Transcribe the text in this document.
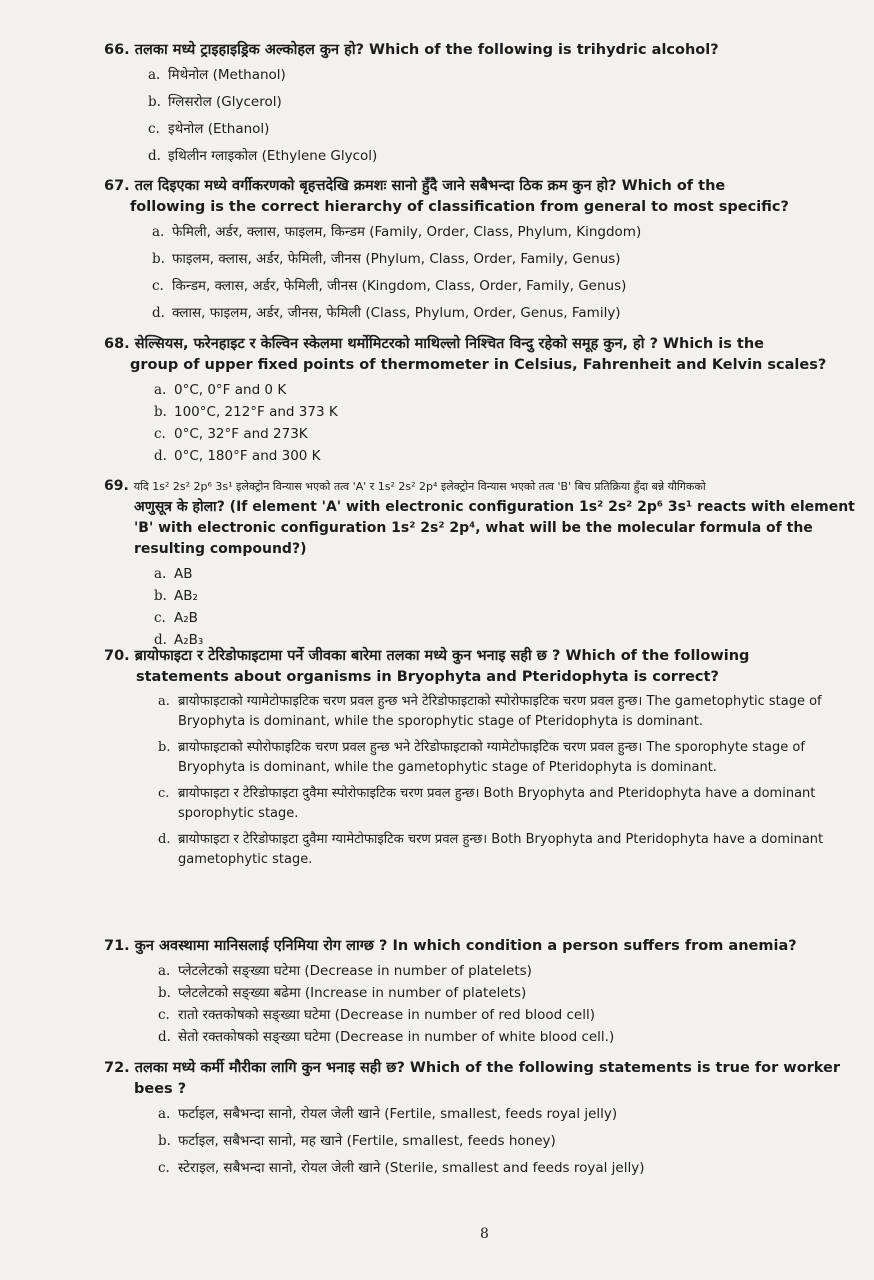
66. तलका मध्ये ट्राइहाइड्रिक अल्कोहल कुन हो? Which of the following is trihydric alcohol?

a. मिथेनोल (Methanol)
b. ग्लिसरोल (Glycerol)
c. इथेनोल (Ethanol)
d. इथिलीन ग्लाइकोल (Ethylene Glycol)

67. तल दिइएका मध्ये वर्गीकरणको बृहत्तदेखि क्रमशः सानो हुँदै जाने सबैभन्दा ठिक क्रम कुन हो? Which of the
following is the correct hierarchy of classification from general to most specific?

a. फेमिली, अर्डर, क्लास, फाइलम, किन्डम (Family, Order, Class, Phylum, Kingdom)
b. फाइलम, क्लास, अर्डर, फेमिली, जीनस (Phylum, Class, Order, Family, Genus)
c. किन्डम, क्लास, अर्डर, फेमिली, जीनस (Kingdom, Class, Order, Family, Genus)
d. क्लास, फाइलम, अर्डर, जीनस, फेमिली (Class, Phylum, Order, Genus, Family)

68. सेल्सियस, फरेनहाइट र केल्विन स्केलमा थर्मोमिटरको माथिल्लो निश्चित विन्दु रहेको समूह कुन, हो ? Which is the
group of upper fixed points of thermometer in Celsius, Fahrenheit and Kelvin scales?

a. 0°C, 0°F and 0 K
b. 100°C, 212°F and 373 K
c. 0°C, 32°F and 273K
d. 0°C, 180°F and 300 K

69. यदि 1s² 2s² 2p⁶ 3s¹ इलेक्ट्रोन विन्यास भएको तत्व 'A' र 1s² 2s² 2p⁴ इलेक्ट्रोन विन्यास भएको तत्व 'B' बिच प्रतिक्रिया हुँदा बन्ने यौगिकको
अणुसूत्र के होला? (If element 'A' with electronic configuration 1s² 2s² 2p⁶ 3s¹ reacts with element 'B' with electronic configuration 1s² 2s² 2p⁴, what will be the molecular formula of the resulting compound?)

a. AB
b. AB₂
c. A₂B
d. A₂B₃

70. ब्रायोफाइटा र टेरिडोफाइटामा पर्ने जीवका बारेमा तलका मध्ये कुन भनाइ सही छ ? Which of the following
statements about organisms in Bryophyta and Pteridophyta is correct?

a. ब्रायोफाइटाको ग्यामेटोफाइटिक चरण प्रवल हुन्छ भने टेरिडोफाइटाको स्पोरोफाइटिक चरण प्रवल हुन्छ। The gametophytic stage of Bryophyta is dominant, while the sporophytic stage of Pteridophyta is dominant.
b. ब्रायोफाइटाको स्पोरोफाइटिक चरण प्रवल हुन्छ भने टेरिडोफाइटाको ग्यामेटोफाइटिक चरण प्रवल हुन्छ। The sporophyte stage of Bryophyta is dominant, while the gametophytic stage of Pteridophyta is dominant.
c. ब्रायोफाइटा र टेरिडोफाइटा दुवैमा स्पोरोफाइटिक चरण प्रवल हुन्छ। Both Bryophyta and Pteridophyta have a dominant sporophytic stage.
d. ब्रायोफाइटा र टेरिडोफाइटा दुवैमा ग्यामेटोफाइटिक चरण प्रवल हुन्छ। Both Bryophyta and Pteridophyta have a dominant gametophytic stage.

71. कुन अवस्थामा मानिसलाई एनिमिया रोग लाग्छ ? In which condition a person suffers from anemia?

a. प्लेटलेटको सङ्ख्या घटेमा (Decrease in number of platelets)
b. प्लेटलेटको सङ्ख्या बढेमा (Increase in number of platelets)
c. रातो रक्तकोषको सङ्ख्या घटेमा (Decrease in number of red blood cell)
d. सेतो रक्तकोषको सङ्ख्या घटेमा (Decrease in number of white blood cell.)

72. तलका मध्ये कर्मी मौरीका लागि कुन भनाइ सही छ? Which of the following statements is true for worker
bees ?

a. फर्टाइल, सबैभन्दा सानो, रोयल जेली खाने (Fertile, smallest, feeds royal jelly)
b. फर्टाइल, सबैभन्दा सानो, मह खाने (Fertile, smallest, feeds honey)
c. स्टेराइल, सबैभन्दा सानो, रोयल जेली खाने (Sterile, smallest and feeds royal jelly)
8
